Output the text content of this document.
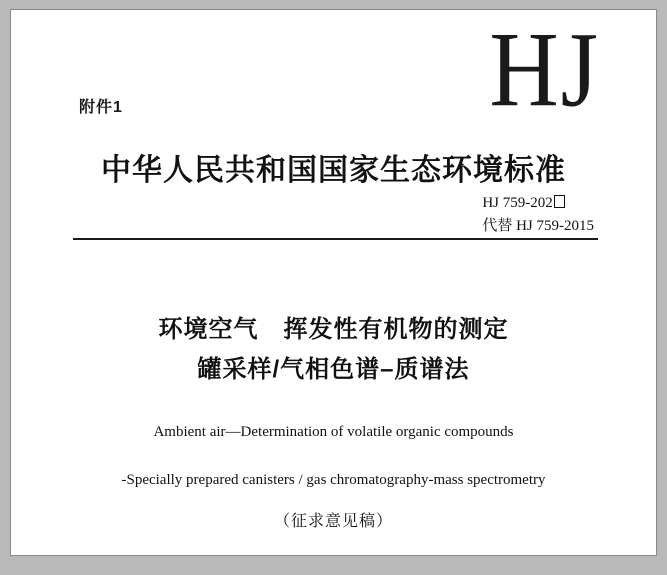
HJ
附件1
中华人民共和国国家生态环境标准
HJ 759-202
代替 HJ 759-2015
环境空气　挥发性有机物的测定
罐采样/气相色谱–质谱法
Ambient air—Determination of volatile organic compounds
-Specially prepared canisters / gas chromatography-mass spectrometry
（征求意见稿）
